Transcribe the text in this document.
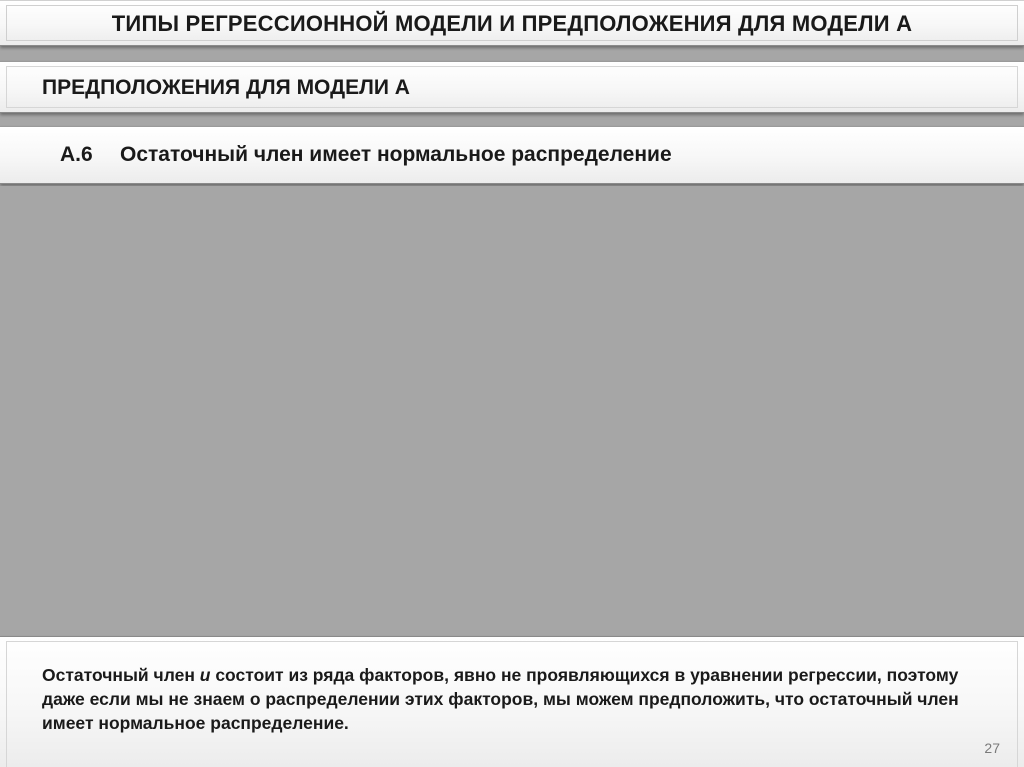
ТИПЫ РЕГРЕССИОННОЙ МОДЕЛИ И ПРЕДПОЛОЖЕНИЯ ДЛЯ МОДЕЛИ А
ПРЕДПОЛОЖЕНИЯ ДЛЯ МОДЕЛИ А
A.6 Остаточный член имеет нормальное распределение
Остаточный член u состоит из ряда факторов, явно не проявляющихся в уравнении регрессии, поэтому даже если мы не знаем о распределении этих факторов, мы можем предположить, что остаточный член имеет нормальное распределение.
27
